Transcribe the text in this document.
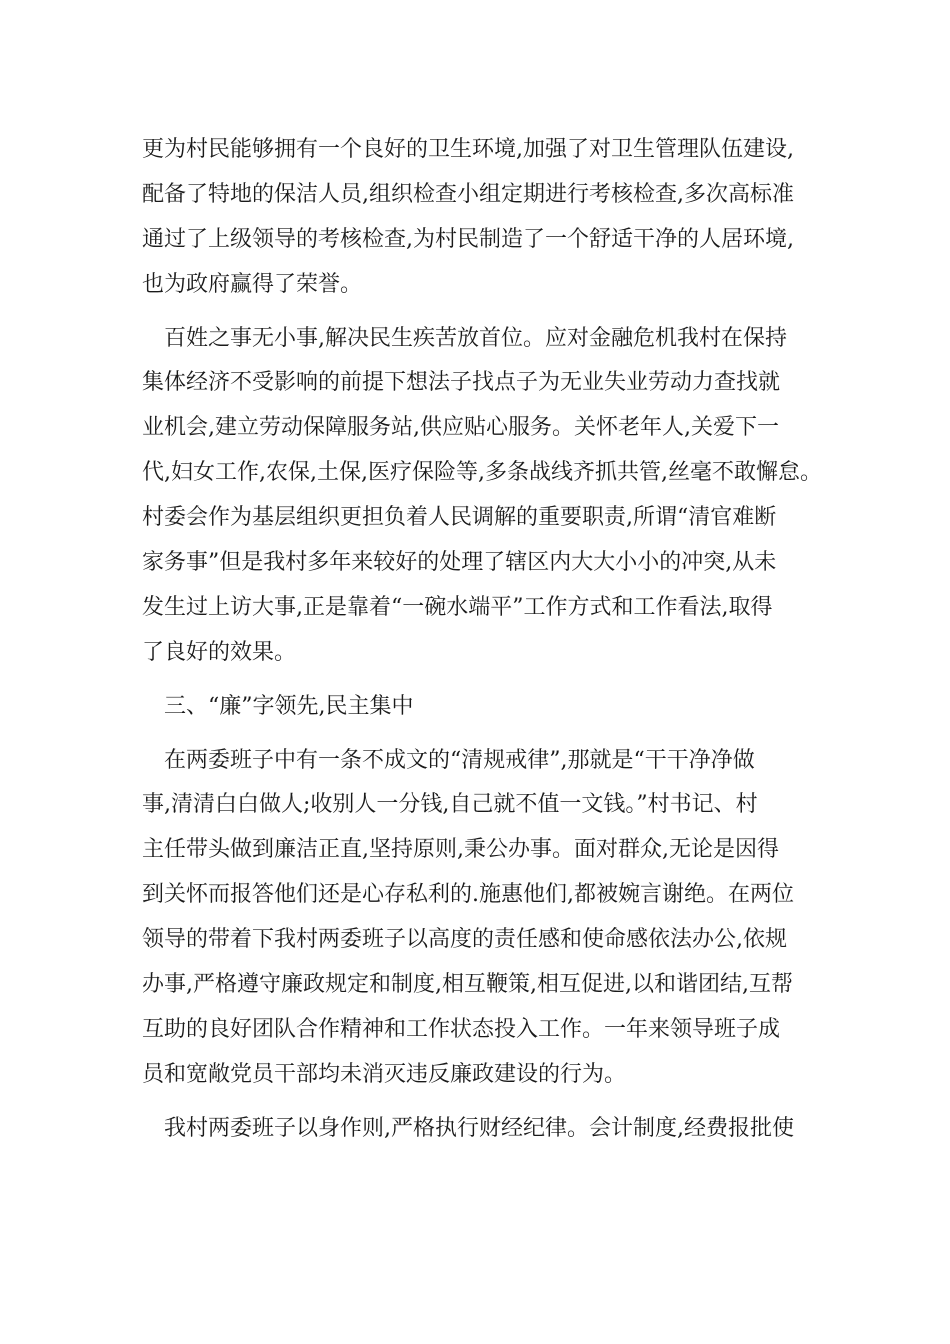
更为村民能够拥有一个良好的卫生环境,加强了对卫生管理队伍建设,
配备了特地的保洁人员,组织检查小组定期进行考核检查,多次高标准
通过了上级领导的考核检查,为村民制造了一个舒适干净的人居环境,
也为政府赢得了荣誉。
百姓之事无小事,解决民生疾苦放首位。应对金融危机我村在保持
集体经济不受影响的前提下想法子找点子为无业失业劳动力查找就
业机会,建立劳动保障服务站,供应贴心服务。关怀老年人,关爱下一
代,妇女工作,农保,土保,医疗保险等,多条战线齐抓共管,丝毫不敢懈怠。
村委会作为基层组织更担负着人民调解的重要职责,所谓“清官难断
家务事”但是我村多年来较好的处理了辖区内大大小小的冲突,从未
发生过上访大事,正是靠着“一碗水端平”工作方式和工作看法,取得
了良好的效果。
三、“廉”字领先,民主集中
在两委班子中有一条不成文的“清规戒律”,那就是“干干净净做
事,清清白白做人;收别人一分钱,自己就不值一文钱。”村书记、村
主任带头做到廉洁正直,坚持原则,秉公办事。面对群众,无论是因得
到关怀而报答他们还是心存私利的.施惠他们,都被婉言谢绝。在两位
领导的带着下我村两委班子以高度的责任感和使命感依法办公,依规
办事,严格遵守廉政规定和制度,相互鞭策,相互促进,以和谐团结,互帮
互助的良好团队合作精神和工作状态投入工作。一年来领导班子成
员和宽敞党员干部均未消灭违反廉政建设的行为。
我村两委班子以身作则,严格执行财经纪律。会计制度,经费报批使
